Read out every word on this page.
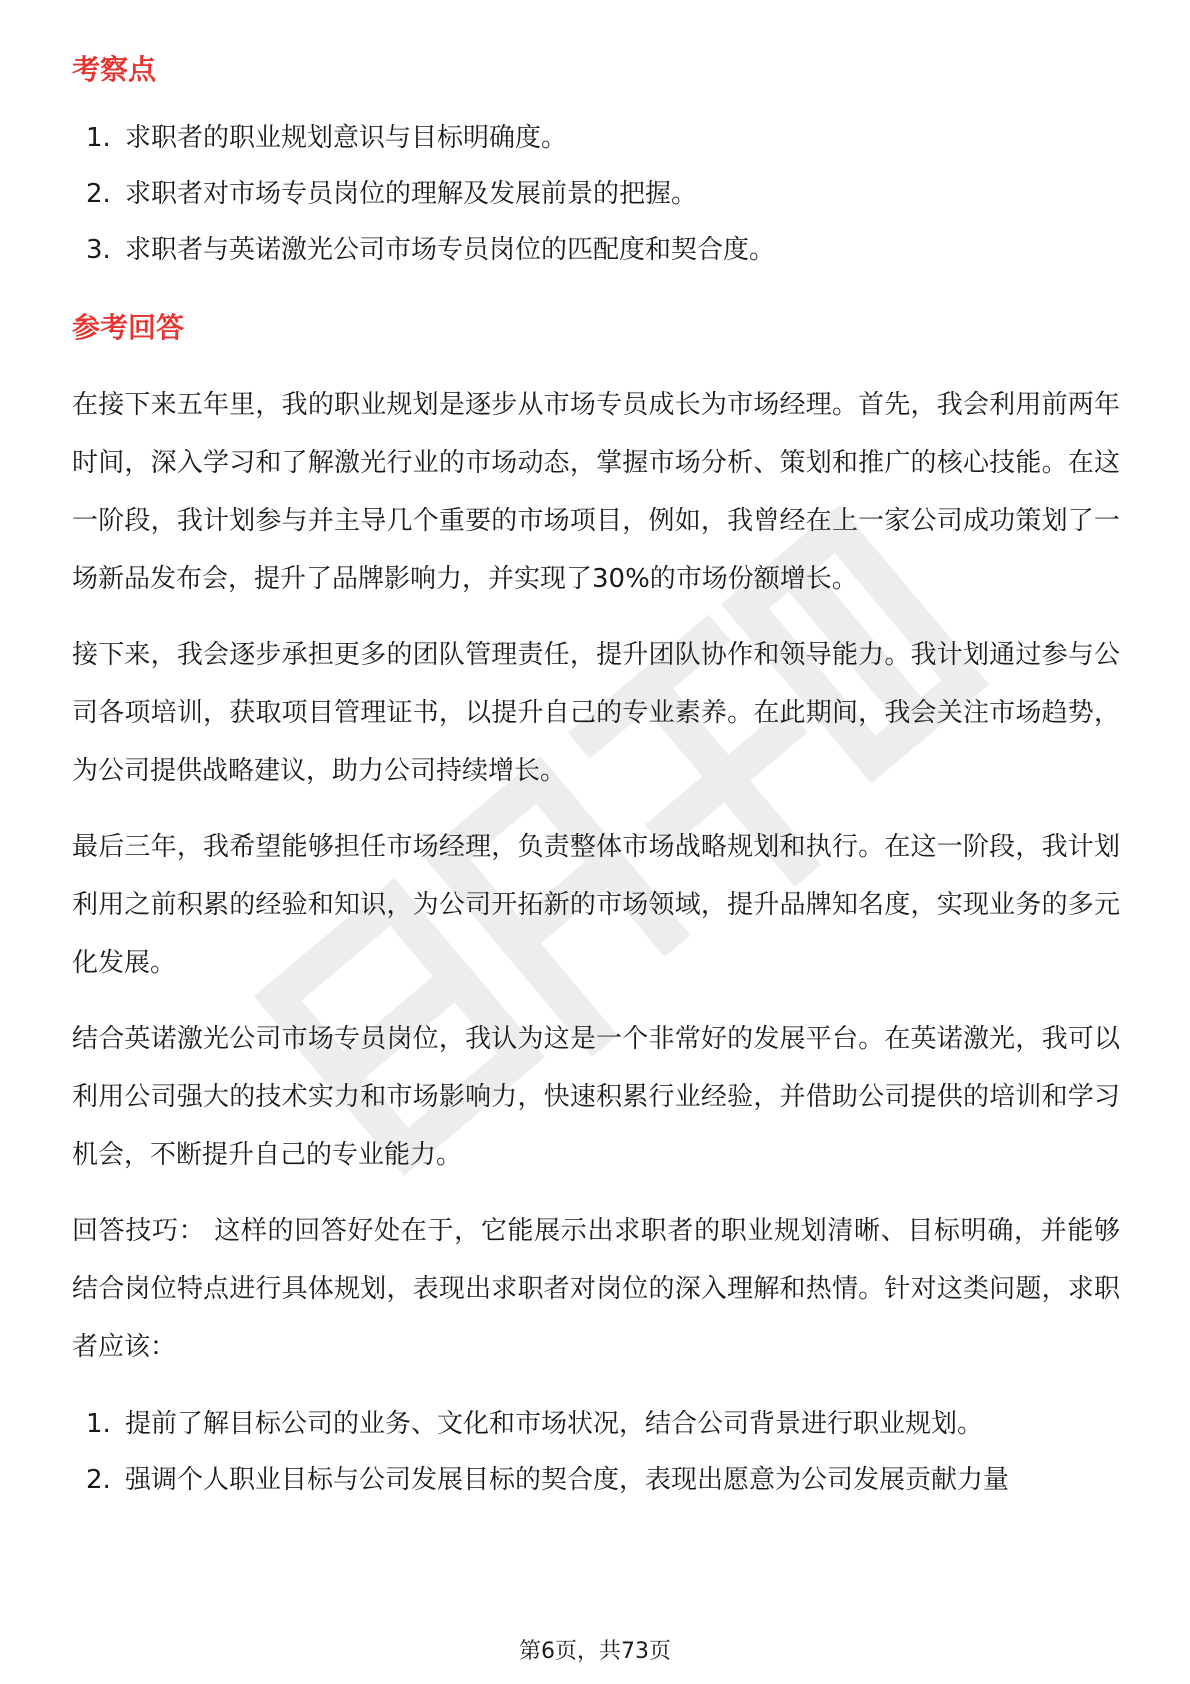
考察点
1. 求职者的职业规划意识与目标明确度。
2. 求职者对市场专员岗位的理解及发展前景的把握。
3. 求职者与英诺激光公司市场专员岗位的匹配度和契合度。
参考回答

在接下来五年里，我的职业规划是逐步从市场专员成长为市场经理。首先，我会利用前两年时间，深入学习和了解激光行业的市场动态，掌握市场分析、策划和推广的核心技能。在这一阶段，我计划参与并主导几个重要的市场项目，例如，我曾经在上一家公司成功策划了一场新品发布会，提升了品牌影响力，并实现了30%的市场份额增长。

接下来，我会逐步承担更多的团队管理责任，提升团队协作和领导能力。我计划通过参与公司各项培训，获取项目管理证书，以提升自己的专业素养。在此期间，我会关注市场趋势，为公司提供战略建议，助力公司持续增长。

最后三年，我希望能够担任市场经理，负责整体市场战略规划和执行。在这一阶段，我计划利用之前积累的经验和知识，为公司开拓新的市场领域，提升品牌知名度，实现业务的多元化发展。

结合英诺激光公司市场专员岗位，我认为这是一个非常好的发展平台。在英诺激光，我可以利用公司强大的技术实力和市场影响力，快速积累行业经验，并借助公司提供的培训和学习机会，不断提升自己的专业能力。

回答技巧： 这样的回答好处在于，它能展示出求职者的职业规划清晰、目标明确，并能够结合岗位特点进行具体规划，表现出求职者对岗位的深入理解和热情。针对这类问题，求职者应该：

1. 提前了解目标公司的业务、文化和市场状况，结合公司背景进行职业规划。
2. 强调个人职业目标与公司发展目标的契合度，表现出愿意为公司发展贡献力量
第6页，共73页
